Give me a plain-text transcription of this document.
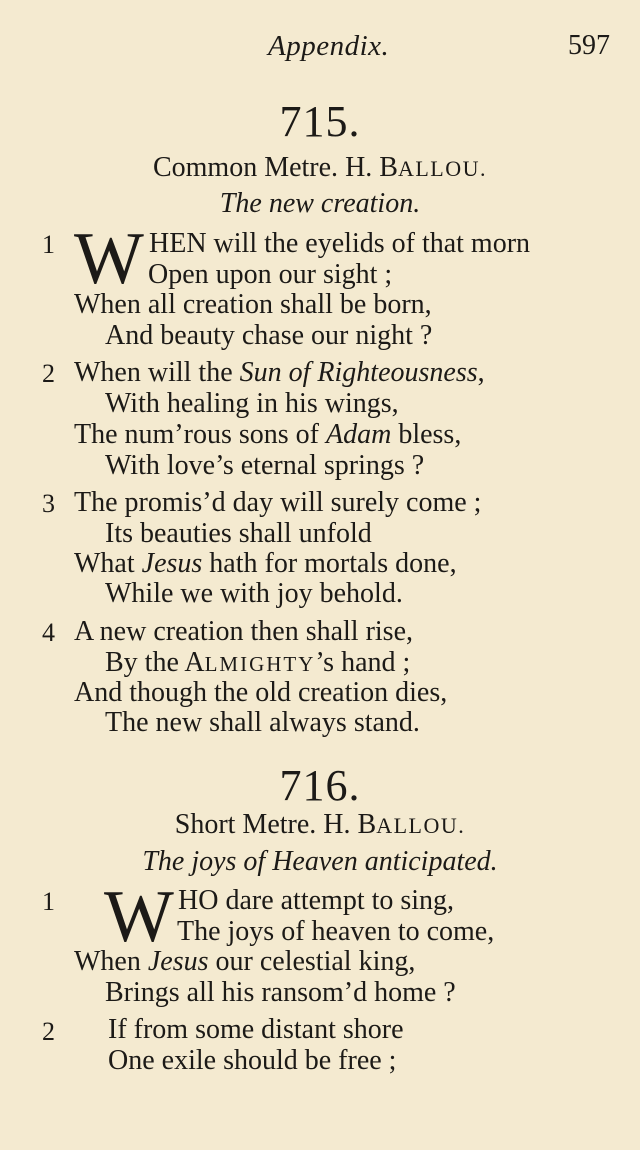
Appendix.	597
715.
Common Metre. H. BALLOU.
The new creation.
1 W HEN will the eyelids of that morn
Open upon our sight ;
When all creation shall be born,
And beauty chase our night ?
2 When will the Sun of Righteousness,
With healing in his wings,
The num’rous sons of Adam bless,
With love’s eternal springs ?
3 The promis’d day will surely come ;
Its beauties shall unfold
What Jesus hath for mortals done,
While we with joy behold.
4 A new creation then shall rise,
By the ALMIGHTY’s hand ;
And though the old creation dies,
The new shall always stand.
716.
Short Metre. H. BALLOU.
The joys of Heaven anticipated.
1 W HO dare attempt to sing,
The joys of heaven to come,
When Jesus our celestial king,
Brings all his ransom’d home ?
2 If from some distant shore
One exile should be free ;
